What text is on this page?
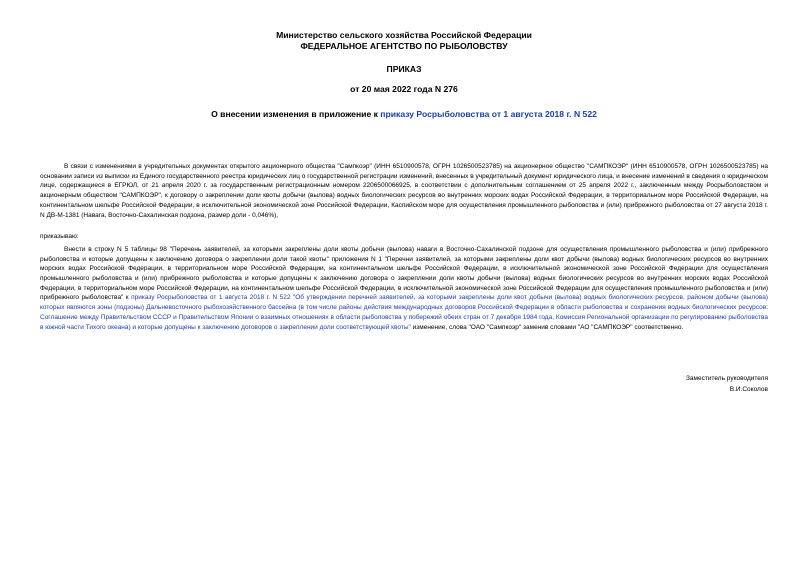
Министерство сельского хозяйства Российской Федерации

ФЕДЕРАЛЬНОЕ АГЕНТСТВО ПО РЫБОЛОВСТВУ

ПРИКАЗ

от 20 мая 2022 года N 276

О внесении изменения в приложение к приказу Росрыболовства от 1 августа 2018 г. N 522

В связи с изменениями в учредительных документах открытого акционерного общества "Сампкоэр" (ИНН 6510900578, ОГРН 1026500523785) на акционерное общество "САМПКОЭР" (ИНН 6510900578, ОГРН 1026500523785) на основании записи из выписки из Единого государственного реестра юридических лиц о государственной регистрации изменений, внесенных в учредительный документ юридического лица, и внесение изменений в сведения о юридическом лице, содержащиеся в ЕГРЮЛ, от 21 апреля 2020 г. за государственным регистрационным номером 2206500066925, в соответствии с дополнительным соглашением от 25 апреля 2022 г., заключенным между Росрыболовством и акционерным обществом "САМПКОЭР", к договору о закреплении доли квоты добычи (вылова) водных биологических ресурсов во внутренних морских водах Российской Федерации, в территориальном море Российской Федерации, на континентальном шельфе Российской Федерации, в исключительной экономической зоне Российской Федерации, Каспийском море для осуществления промышленного рыболовства и (или) прибрежного рыболовства от 27 августа 2018 г. N ДВ-М-1381 (Навага, Восточно-Сахалинская подзона, размер доли - 0,046%),

приказываю:

Внести в строку N 5 таблицы 98 "Перечень заявителей, за которыми закреплены доли квоты добычи (вылова) наваги в Восточно-Сахалинской подзоне для осуществления промышленного рыболовства и (или) прибрежного рыболовства и которые допущены к заключению договора о закреплении доли такой квоты" приложения N 1 "Перечни заявителей, за которыми закреплены доли квот добычи (вылова) водных биологических ресурсов во внутренних морских водах Российской Федерации, в территориальном море Российской Федерации, на континентальном шельфе Российской Федерации, в исключительной экономической зоне Российской Федерации для осуществления промышленного рыболовства и (или) прибрежного рыболовства и которые допущены к заключению договора о закреплении доли квоты добычи (вылова) водных биологических ресурсов во внутренних морских водах Российской Федерации, в территориальном море Российской Федерации, на континентальном шельфе Российской Федерации, в исключительной экономической зоне Российской Федерации для осуществления промышленного рыболовства и (или) прибрежного рыболовства" к приказу Росрыболовства от 1 августа 2018 г. N 522 "Об утверждении перечней заявителей, за которыми закреплены доли квот добычи (вылова) водных биологических ресурсов, районом добычи (вылова) которых являются зоны (подзоны) Дальневосточного рыбохозяйственного бассейна (в том числе районы действия международных договоров Российской Федерации в области рыболовства и сохранения водных биологических ресурсов: Соглашение между Правительством СССР и Правительством Японии о взаимных отношениях в области рыболовства у побережий обеих стран от 7 декабря 1984 года, Комиссия Региональной организации по регулированию рыболовства в южной части Тихого океана) и которые допущены к заключению договоров о закреплении доли соответствующей квоты" изменение, слова "ОАО "Сампкоэр" заменив словами "АО "САМПКОЭР" соответственно.

Заместитель руководителя

В.И.Соколов
